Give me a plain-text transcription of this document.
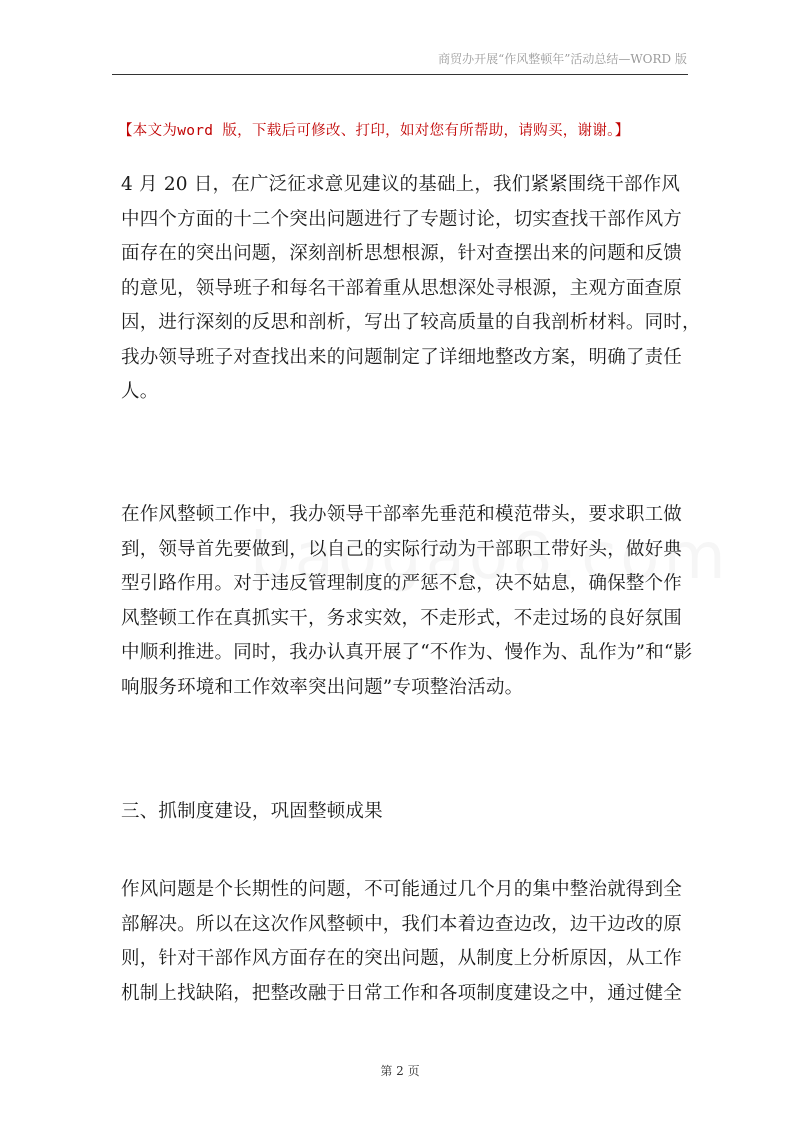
商贸办开展“作风整顿年”活动总结—WORD 版
【本文为word 版，下载后可修改、打印，如对您有所帮助，请购买，谢谢。】
4 月 20 日，在广泛征求意见建议的基础上，我们紧紧围绕干部作风
中四个方面的十二个突出问题进行了专题讨论，切实查找干部作风方
面存在的突出问题，深刻剖析思想根源，针对查摆出来的问题和反馈
的意见，领导班子和每名干部着重从思想深处寻根源，主观方面查原
因，进行深刻的反思和剖析，写出了较高质量的自我剖析材料。同时，
我办领导班子对查找出来的问题制定了详细地整改方案，明确了责任
人。
在作风整顿工作中，我办领导干部率先垂范和模范带头，要求职工做
到，领导首先要做到，以自己的实际行动为干部职工带好头，做好典
型引路作用。对于违反管理制度的严惩不怠，决不姑息，确保整个作
风整顿工作在真抓实干，务求实效，不走形式，不走过场的良好氛围
中顺利推进。同时，我办认真开展了“不作为、慢作为、乱作为”和“影
响服务环境和工作效率突出问题”专项整治活动。
三、抓制度建设，巩固整顿成果
作风问题是个长期性的问题，不可能通过几个月的集中整治就得到全
部解决。所以在这次作风整顿中，我们本着边查边改，边干边改的原
则，针对干部作风方面存在的突出问题，从制度上分析原因，从工作
机制上找缺陷，把整改融于日常工作和各项制度建设之中，通过健全
第 2 页
